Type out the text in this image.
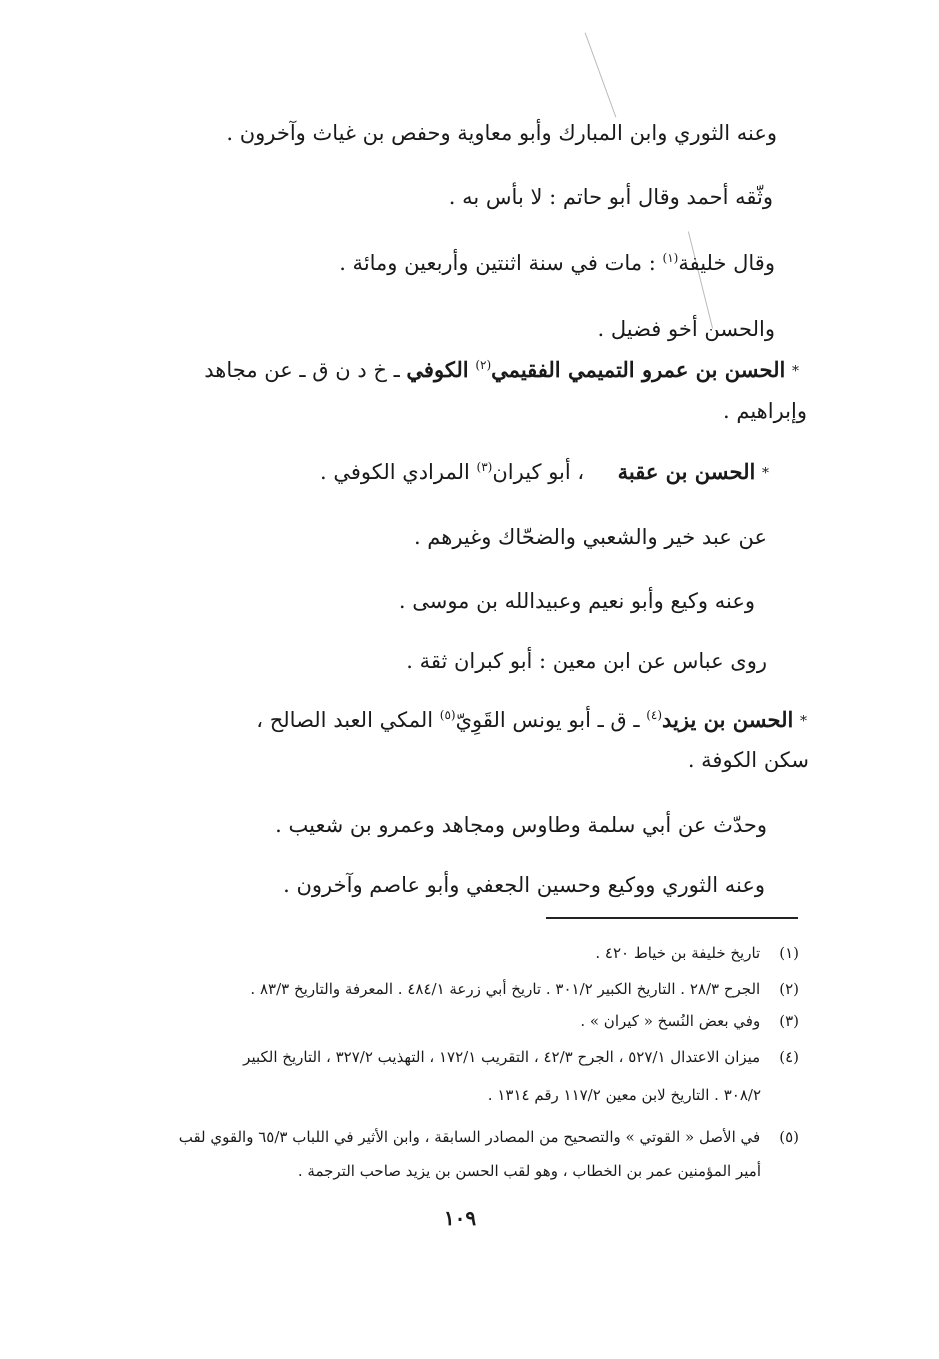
وعنه الثوري وابن المبارك وأبو معاوية وحفص بن غياث وآخرون .
وثّقه أحمد وقال أبو حاتم : لا بأس به .
وقال خليفة$^{(١)}$ : مات في سنة اثنتين وأربعين ومائة .
والحسن أخو فضيل .
* الحسن بن عمرو التميمي الفقيمي$^{(٢)}$ الكوفي ـ خ د ن ق ـ عن مجاهد
وإبراهيم .
* الحسن بن عقبة     ، أبو كيران$^{(٣)}$ المرادي الكوفي .
عن عبد خير والشعبي والضحّاك وغيرهم .
وعنه وكيع وأبو نعيم وعبيدالله بن موسى .
روى عباس عن ابن معين : أبو كبران ثقة .
* الحسن بن يزيد$^{(٤)}$ ـ ق ـ أبو يونس القَوِيّ$^{(٥)}$ المكي العبد الصالح ،
سكن الكوفة .
وحدّث عن أبي سلمة وطاوس ومجاهد وعمرو بن شعيب .
وعنه الثوري ووكيع وحسين الجعفي وأبو عاصم وآخرون .
(١) تاريخ خليفة بن خياط ٤٢٠ .
(٢) الجرح ٢٨/٣ . التاريخ الكبير ٣٠١/٢ . تاريخ أبي زرعة ٤٨٤/١ . المعرفة والتاريخ ٨٣/٣ .
(٣) وفي بعض النُسخ « كيران » .
(٤) ميزان الاعتدال ٥٢٧/١ ، الجرح ٤٢/٣ ، التقريب ١٧٢/١ ، التهذيب ٣٢٧/٢ ، التاريخ الكبير
٣٠٨/٢ . التاريخ لابن معين ١١٧/٢ رقم ١٣١٤ .
(٥) في الأصل « القوتي » والتصحيح من المصادر السابقة ، وابن الأثير في اللباب ٦٥/٣ والقوي لقب
أمير المؤمنين عمر بن الخطاب ، وهو لقب الحسن بن يزيد صاحب الترجمة .
١٠٩
